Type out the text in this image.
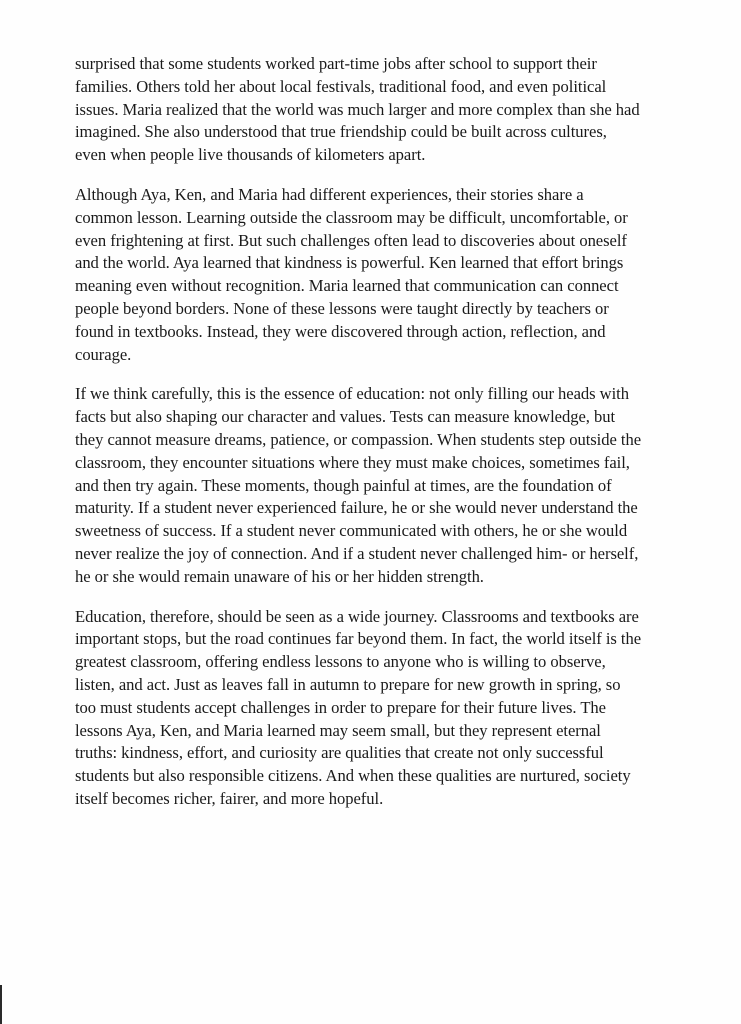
surprised that some students worked part-time jobs after school to support their
families. Others told her about local festivals, traditional food, and even political
issues. Maria realized that the world was much larger and more complex than she had
imagined. She also understood that true friendship could be built across cultures,
even when people live thousands of kilometers apart.

Although Aya, Ken, and Maria had different experiences, their stories share a
common lesson. Learning outside the classroom may be difficult, uncomfortable, or
even frightening at first. But such challenges often lead to discoveries about oneself
and the world. Aya learned that kindness is powerful. Ken learned that effort brings
meaning even without recognition. Maria learned that communication can connect
people beyond borders. None of these lessons were taught directly by teachers or
found in textbooks. Instead, they were discovered through action, reflection, and
courage.

If we think carefully, this is the essence of education: not only filling our heads with
facts but also shaping our character and values. Tests can measure knowledge, but
they cannot measure dreams, patience, or compassion. When students step outside the
classroom, they encounter situations where they must make choices, sometimes fail,
and then try again. These moments, though painful at times, are the foundation of
maturity. If a student never experienced failure, he or she would never understand the
sweetness of success. If a student never communicated with others, he or she would
never realize the joy of connection. And if a student never challenged him- or herself,
he or she would remain unaware of his or her hidden strength.

Education, therefore, should be seen as a wide journey. Classrooms and textbooks are
important stops, but the road continues far beyond them. In fact, the world itself is the
greatest classroom, offering endless lessons to anyone who is willing to observe,
listen, and act. Just as leaves fall in autumn to prepare for new growth in spring, so
too must students accept challenges in order to prepare for their future lives. The
lessons Aya, Ken, and Maria learned may seem small, but they represent eternal
truths: kindness, effort, and curiosity are qualities that create not only successful
students but also responsible citizens. And when these qualities are nurtured, society
itself becomes richer, fairer, and more hopeful.
